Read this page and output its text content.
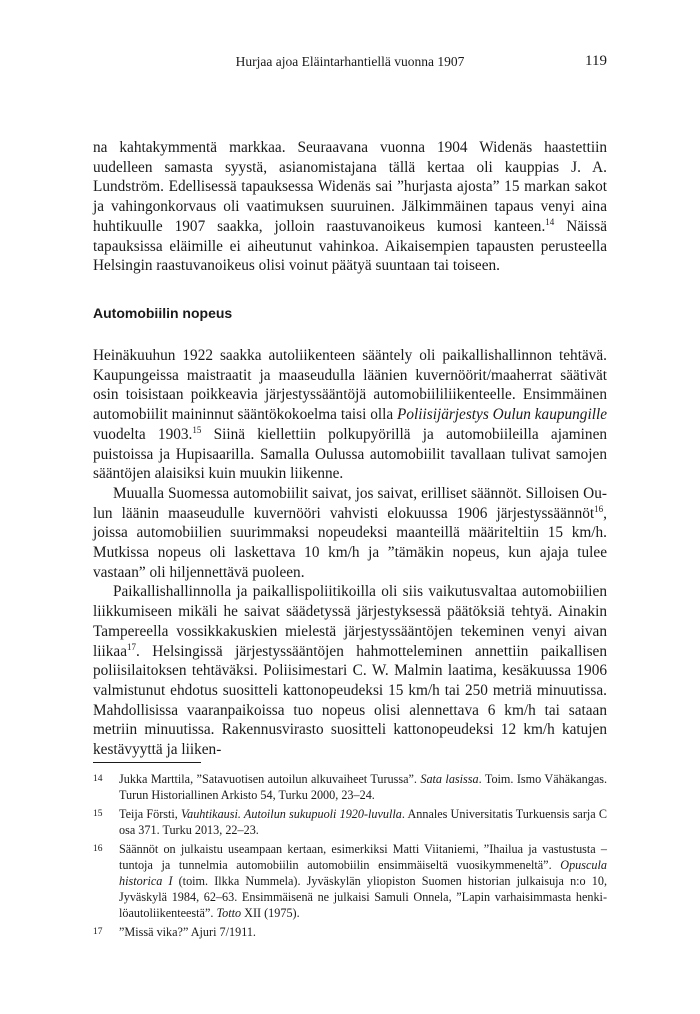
Hurjaa ajoa Eläintarhantiellä vuonna 1907	119

na kahtakymmentä markkaa. Seuraavana vuonna 1904 Widenäs haastettiin uudelleen samasta syystä, asianomistajana tällä kertaa oli kauppias J. A. Lundström. Edellisessä tapauksessa Widenäs sai ”hurjasta ajosta” 15 markan sakot ja vahingonkorvaus oli vaatimuksen suuruinen. Jälkimmäinen tapaus venyi aina huhtikuulle 1907 saakka, jolloin raastuvanoikeus kumosi kanteen.$^{14}$ Näissä tapauksissa eläimille ei aiheutunut vahinkoa. Aikaisempien tapausten perusteella Helsingin raastuvanoikeus olisi voinut päätyä suuntaan tai toiseen.

Automobiilin nopeus

Heinäkuuhun 1922 saakka autoliikenteen sääntely oli paikallishallinnon tehtävä. Kaupungeissa maistraatit ja maaseudulla läänien kuvernöörit/maaherrat säätivät osin toisistaan poikkeavia järjestyssääntöjä automobiililiikenteelle. Ensimmäinen automobiilit maininnut sääntökokoelma taisi olla Poliisijärjestys Oulun kaupungille vuodelta 1903.15 Siinä kiellettiin polkupyörillä ja automobiileilla ajaminen puistoissa ja Hupisaarilla. Samalla Oulussa automobiilit tavallaan tulivat samojen sääntöjen alaisiksi kuin muukin liikenne.

Muualla Suomessa automobiilit saivat, jos saivat, erilliset säännöt. Silloisen Oulun läänin maaseudulle kuvernööri vahvisti elokuussa 1906 järjestyssäännöt$^{16}$, joissa automobiilien suurimmaksi nopeudeksi maanteillä määriteltiin 15 km/h. Mutkissa nopeus oli laskettava 10 km/h ja ”tämäkin nopeus, kun ajaja tulee vastaan” oli hiljennettävä puoleen.

Paikallishallinnolla ja paikallispoliitikoilla oli siis vaikutusvaltaa automobiilien liikkumiseen mikäli he saivat säädetyssä järjestyksessä päätöksiä tehtyä. Ainakin Tampereella vossikkakuskien mielestä järjestyssääntöjen tekeminen venyi aivan liikaa$^{17}$. Helsingissä järjestyssääntöjen hahmotteleminen annettiin paikallisen poliisilaitoksen tehtäväksi. Poliisimestari C. W. Malmin laatima, kesäkuussa 1906 valmistunut ehdotus suositteli kattonopeudeksi 15 km/h tai 250 metriä minuutissa. Mahdollisissa vaaranpaikoissa tuo nopeus olisi alennettava 6 km/h tai sataan metriin minuutissa. Rakennusvirasto suositteli kattonopeudeksi 12 km/h katujen kestävyyttä ja liiken-

14 Jukka Marttila, ”Satavuotisen autoilun alkuvaiheet Turussa”. Sata lasissa. Toim. Ismo Vähäkangas. Turun Historiallinen Arkisto 54, Turku 2000, 23–24.
15 Teija Försti, Vauhtikausi. Autoilun sukupuoli 1920-luvulla. Annales Universitatis Turkuensis sarja C osa 371. Turku 2013, 22–23.
16 Säännöt on julkaistu useampaan kertaan, esimerkiksi Matti Viitaniemi, ”Ihailua ja vastustusta – tuntoja ja tunnelmia automobiilin automobiilin ensimmäiseltä vuosikymmeneltä”. Opuscula historica I (toim. Ilkka Nummela). Jyväskylän yliopiston Suomen historian julkaisuja n:o 10, Jyväskylä 1984, 62–63. Ensimmäisenä ne julkaisi Samuli Onnela, ”Lapin varhaisimmasta henkilöautoliikenteestä”. Totto XII (1975).
17 ”Missä vika?” Ajuri 7/1911.
